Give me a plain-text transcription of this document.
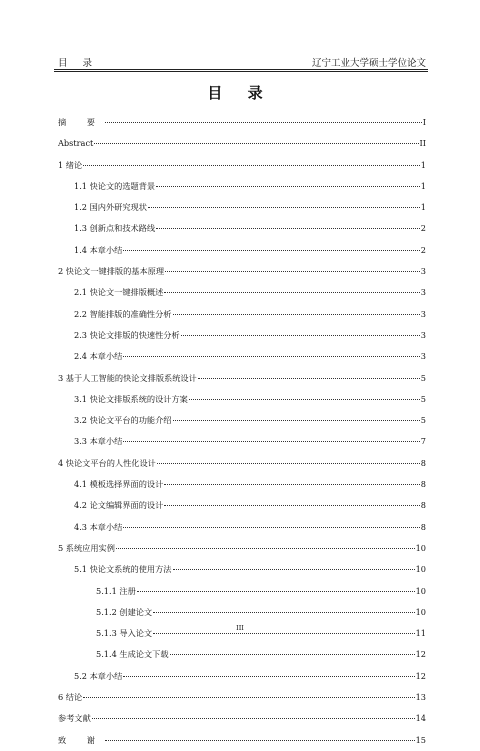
目 录	辽宁工业大学硕士学位论文
目 录
摘 要	I
Abstract	II
1 绪论	1
1.1 快论文的选题背景	1
1.2 国内外研究现状	1
1.3 创新点和技术路线	2
1.4 本章小结	2
2 快论文一键排版的基本原理	3
2.1 快论文一键排版概述	3
2.2 智能排版的准确性分析	3
2.3 快论文排版的快速性分析	3
2.4 本章小结	3
3 基于人工智能的快论文排版系统设计	5
3.1 快论文排版系统的设计方案	5
3.2 快论文平台的功能介绍	5
3.3 本章小结	7
4 快论文平台的人性化设计	8
4.1 模板选择界面的设计	8
4.2 论文编辑界面的设计	8
4.3 本章小结	8
5 系统应用实例	10
5.1 快论文系统的使用方法	10
5.1.1 注册	10
5.1.2 创建论文	10
5.1.3 导入论文	11
5.1.4 生成论文下载	12
5.2 本章小结	12
6 结论	13
参考文献	14
致 谢	15
III
